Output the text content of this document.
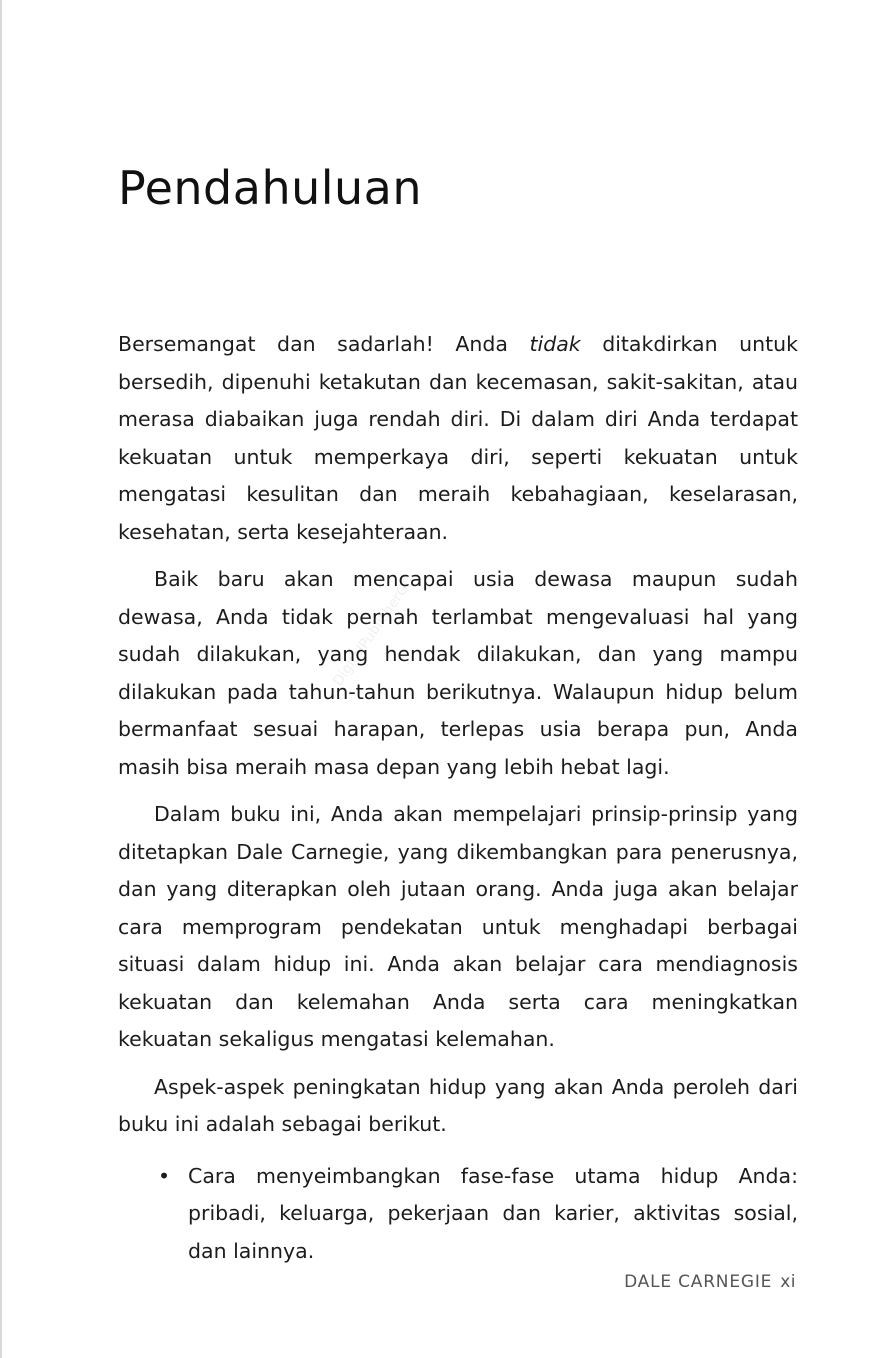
Pendahuluan

Bersemangat dan sadarlah! Anda tidak ditakdirkan untuk bersedih, dipenuhi ketakutan dan kecemasan, sakit-sakitan, atau merasa diabaikan juga rendah diri. Di dalam diri Anda terdapat kekuatan untuk memperkaya diri, seperti kekuatan untuk mengatasi kesulitan dan meraih kebahagiaan, keselarasan, kesehatan, serta kesejahteraan.

Baik baru akan mencapai usia dewasa maupun sudah dewasa, Anda tidak pernah terlambat mengevaluasi hal yang sudah dilakukan, yang hendak dilakukan, dan yang mampu dilakukan pada tahun-tahun berikutnya. Walaupun hidup belum bermanfaat sesuai harapan, terlepas usia berapa pun, Anda masih bisa meraih masa depan yang lebih hebat lagi.

Dalam buku ini, Anda akan mempelajari prinsip-prinsip yang ditetapkan Dale Carnegie, yang dikembangkan para penerusnya, dan yang diterapkan oleh jutaan orang. Anda juga akan belajar cara memprogram pendekatan untuk menghadapi berbagai situasi dalam hidup ini. Anda akan belajar cara mendiagnosis kekuatan dan kelemahan Anda serta cara meningkatkan kekuatan sekaligus mengatasi kelemahan.

Aspek-aspek peningkatan hidup yang akan Anda peroleh dari buku ini adalah sebagai berikut.

• Cara menyeimbangkan fase-fase utama hidup Anda: pribadi, keluarga, pekerjaan dan karier, aktivitas sosial, dan lainnya.
DigitalPublisherGC
DALE CARNEGIE xi
